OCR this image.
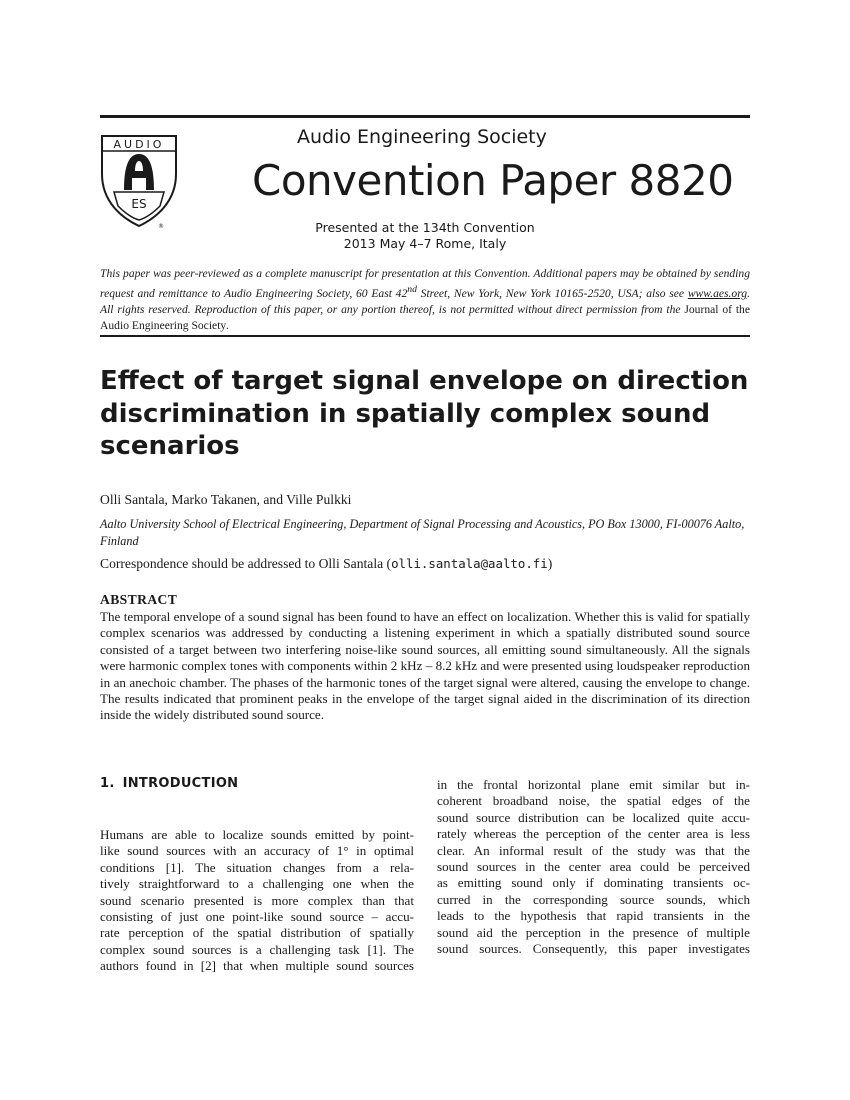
AUDIO
ES
®
Audio Engineering Society
Convention Paper 8820
Presented at the 134th Convention
2013 May 4–7 Rome, Italy
This paper was peer-reviewed as a complete manuscript for presentation at this Convention. Additional papers may be obtained by sending request and remittance to Audio Engineering Society, 60 East 42nd Street, New York, New York 10165-2520, USA; also see www.aes.org. All rights reserved. Reproduction of this paper, or any portion thereof, is not permitted without direct permission from the Journal of the Audio Engineering Society.
Effect of target signal envelope on direction
discrimination in spatially complex sound
scenarios
Olli Santala, Marko Takanen, and Ville Pulkki
Aalto University School of Electrical Engineering, Department of Signal Processing and Acoustics, PO Box 13000, FI-00076 Aalto, Finland
Correspondence should be addressed to Olli Santala (olli.santala@aalto.fi)
ABSTRACT
The temporal envelope of a sound signal has been found to have an effect on localization. Whether this is valid for spatially complex scenarios was addressed by conducting a listening experiment in which a spatially distributed sound source consisted of a target between two interfering noise-like sound sources, all emitting sound simultaneously. All the signals were harmonic complex tones with components within 2 kHz – 8.2 kHz and were presented using loudspeaker reproduction in an anechoic chamber. The phases of the harmonic tones of the target signal were altered, causing the envelope to change. The results indicated that prominent peaks in the envelope of the target signal aided in the discrimination of its direction inside the widely distributed sound source.
1. INTRODUCTION
Humans are able to localize sounds emitted by point-
like sound sources with an accuracy of 1° in optimal
conditions [1]. The situation changes from a rela-
tively straightforward to a challenging one when the
sound scenario presented is more complex than that
consisting of just one point-like sound source – accu-
rate perception of the spatial distribution of spatially
complex sound sources is a challenging task [1]. The
authors found in [2] that when multiple sound sources
in the frontal horizontal plane emit similar but in-
coherent broadband noise, the spatial edges of the
sound source distribution can be localized quite accu-
rately whereas the perception of the center area is less
clear. An informal result of the study was that the
sound sources in the center area could be perceived
as emitting sound only if dominating transients oc-
curred in the corresponding source sounds, which
leads to the hypothesis that rapid transients in the
sound aid the perception in the presence of multiple
sound sources. Consequently, this paper investigates
